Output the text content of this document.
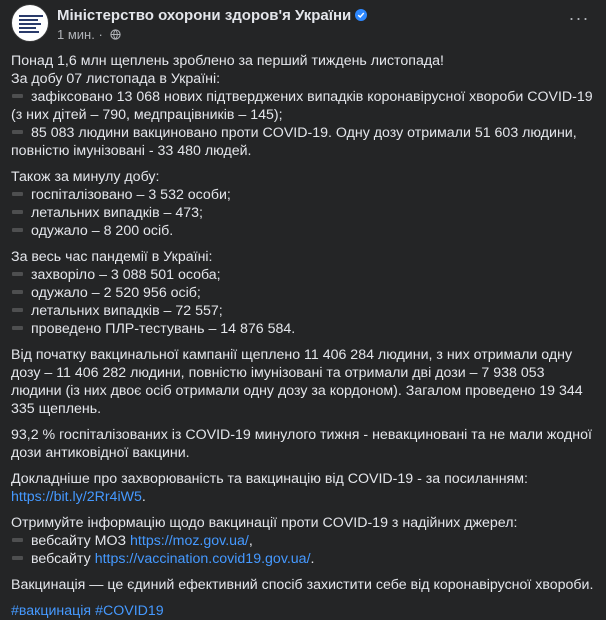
Міністерство охорони здоров'я України
1 мин. ·
···
Понад 1,6 млн щеплень зроблено за перший тиждень листопада!
За добу 07 листопада в Україні:
зафіксовано 13 068 нових підтверджених випадків коронавірусної хвороби COVID-19 (з них дітей – 790, медпрацівників – 145);
85 083 людини вакциновано проти COVID-19. Одну дозу отримали 51 603 людини, повністю імунізовані - 33 480 людей.
Також за минулу добу:
госпіталізовано – 3 532 особи;
летальних випадків – 473;
одужало – 8 200 осіб.
За весь час пандемії в Україні:
захворіло – 3 088 501 особа;
одужало – 2 520 956 осіб;
летальних випадків – 72 557;
проведено ПЛР-тестувань – 14 876 584.
Від початку вакцинальної кампанії щеплено 11 406 284 людини, з них отримали одну дозу – 11 406 282 людини, повністю імунізовані та отримали дві дози – 7 938 053 людини (із них двоє осіб отримали одну дозу за кордоном). Загалом проведено 19 344 335 щеплень.
93,2 % госпіталізованих із COVID-19 минулого тижня - невакциновані та не мали жодної дози антиковідної вакцини.
Докладніше про захворюваність та вакцинацію від COVID-19 - за посиланням:
https://bit.ly/2Rr4iW5.
Отримуйте інформацію щодо вакцинації проти COVID-19 з надійних джерел:
вебсайту МОЗ https://moz.gov.ua/,
вебсайту https://vaccination.covid19.gov.ua/.
Вакцинація — це єдиний ефективний спосіб захистити себе від коронавірусної хвороби.
#вакцинація #COVID19
